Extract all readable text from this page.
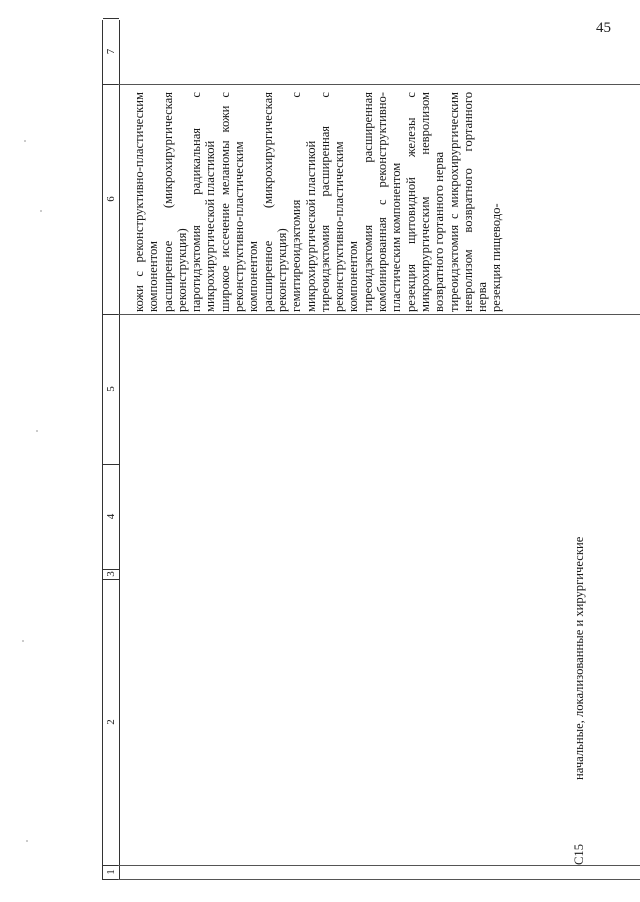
45
1
2
3
4
5
6
7
кожи с реконструктивно-пластическим компонентом расширенное (микрохирургическая реконструкция) паротидэктомия радикальная с микрохирургической пластикой широкое иссечение меланомы кожи с реконструктивно-пластическим компонентом расширенное (микрохирургическая реконструкция) гемитиреоидэктомия с микрохирургической пластикой тиреоидэктомия расширенная с реконструктивно-пластическим компонентом тиреоидэктомия расширенная комбинированная с реконструктивно-пластическим компонентом резекция щитовидной железы с микрохирургическим невролизом возвратного гортанного нерва тиреоидэктомия с микрохирургическим невролизом возвратного гортанного нерва резекция пищеводо-
C15
начальные, локализованные и хирургические
